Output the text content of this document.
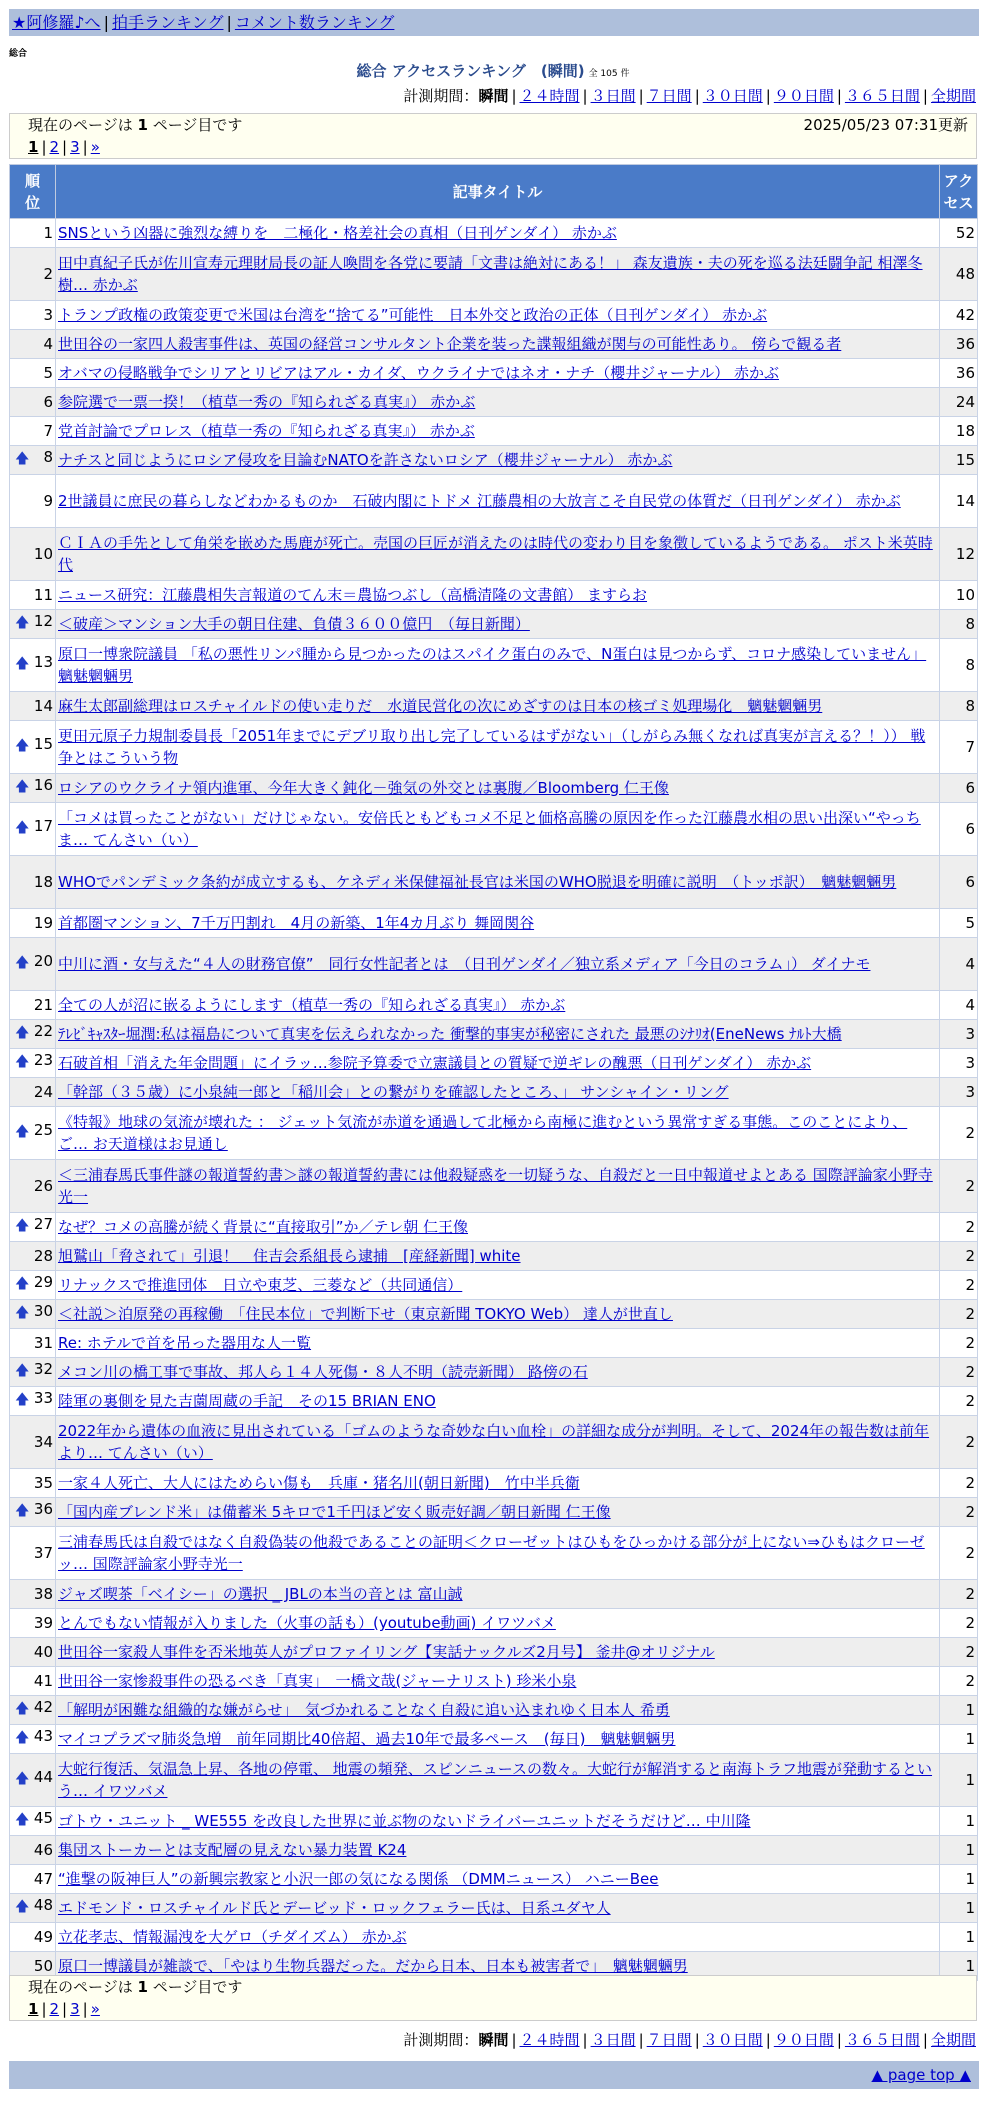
★阿修羅♪へ | 拍手ランキング | コメント数ランキング
総合
総合 アクセスランキング　(瞬間) 全 105 件
計測期間：瞬間 | ２４時間 | ３日間 | ７日間 | ３０日間 | ９０日間 | ３６５日間 | 全期間
現在のページは 1 ページ目です	2025/05/23 07:31更新
1 | 2 | 3 | »
順位	記事タイトル	アクセス
1	SNSという凶器に強烈な縛りを　二極化・格差社会の真相（日刊ゲンダイ） 赤かぶ	52
2	田中真紀子氏が佐川宣寿元理財局長の証人喚問を各党に要請「文書は絶対にある！」 森友遺族・夫の死を巡る法廷闘争記 相澤冬樹… 赤かぶ	48
3	トランプ政権の政策変更で米国は台湾を“捨てる”可能性　日本外交と政治の正体（日刊ゲンダイ） 赤かぶ	42
4	世田谷の一家四人殺害事件は、英国の経営コンサルタント企業を装った諜報組織が関与の可能性あり。 傍らで観る者	36
5	オバマの侵略戦争でシリアとリビアはアル・カイダ、ウクライナではネオ・ナチ（櫻井ジャーナル） 赤かぶ	36
6	参院選で一票一揆！（植草一秀の『知られざる真実』） 赤かぶ	24
7	党首討論でプロレス（植草一秀の『知られざる真実』） 赤かぶ	18

🡅 8	ナチスと同じようにロシア侵攻を目論むNATOを許さないロシア（櫻井ジャーナル） 赤かぶ	15
9	2世議員に庶民の暮らしなどわかるものか　石破内閣にトドメ 江藤農相の大放言こそ自民党の体質だ（日刊ゲンダイ） 赤かぶ	14
10	ＣＩＡの手先として角栄を嵌めた馬鹿が死亡。売国の巨匠が消えたのは時代の変わり目を象徴しているようである。 ポスト米英時代	12
11	ニュース研究：江藤農相失言報道のてん末＝農協つぶし（高橋清隆の文書館） ますらお	10

🡅 12	＜破産＞マンション大手の朝日住建、負債３６００億円　（毎日新聞）	8

🡅 13	原口一博衆院議員 「私の悪性リンパ腫から見つかったのはスパイク蛋白のみで、N蛋白は見つからず、コロナ感染していません」 魑魅魍魎男	8
14	麻生太郎副総理はロスチャイルドの使い走りだ　水道民営化の次にめざすのは日本の核ゴミ処理場化　魑魅魍魎男	8

🡅 15	更田元原子力規制委員長「2051年までにデブリ取り出し完了しているはずがない」（しがらみ無くなれば真実が言える？！）） 戦争とはこういう物	7

🡅 16	ロシアのウクライナ領内進軍、今年大きく鈍化－強気の外交とは裏腹／Bloomberg 仁王像	6

🡅 17	「コメは買ったことがない」だけじゃない。安倍氏ともどもコメ不足と価格高騰の原因を作った江藤農水相の思い出深い“やっちま… てんさい（い）	6
18	WHOでパンデミック条約が成立するも、ケネディ米保健福祉長官は米国のWHO脱退を明確に説明　（トッポ訳）　魑魅魍魎男	6
19	首都圏マンション、7千万円割れ　4月の新築、1年4カ月ぶり 舞岡関谷	5

🡅 20	中川に酒・女与えた“４人の財務官僚”　同行女性記者とは　（日刊ゲンダイ／独立系メディア「今日のコラム」） ダイナモ	4
21	全ての人が沼に嵌るようにします（植草一秀の『知られざる真実』） 赤かぶ	4

🡅 22	ﾃﾚﾋﾞｷｬｽﾀｰ堀潤:私は福島について真実を伝えられなかった 衝撃的事実が秘密にされた 最悪のｼﾅﾘｵ(EneNews ﾅﾙﾄ大橋	3

🡅 23	石破首相「消えた年金問題」にイラッ…参院予算委で立憲議員との質疑で逆ギレの醜悪（日刊ゲンダイ） 赤かぶ	3
24	「幹部（３５歳）に小泉純一郎と「稲川会」との繋がりを確認したところ、」 サンシャイン・リング	3

🡅 25	《特報》地球の気流が壊れた ： ジェット気流が赤道を通過して北極から南極に進むという異常すぎる事態。このことにより、ご… お天道様はお見通し	2
26	＜三浦春馬氏事件謎の報道誓約書＞謎の報道誓約書には他殺疑惑を一切疑うな、自殺だと一日中報道せよとある 国際評論家小野寺光一	2

🡅 27	なぜ？コメの高騰が続く背景に“直接取引”か／テレ朝 仁王像	2
28	旭鷲山「脅されて」引退！　住吉会系組長ら逮捕　[産経新聞] white	2

🡅 29	リナックスで推進団体　日立や東芝、三菱など（共同通信）	2

🡅 30	＜社説＞泊原発の再稼働　「住民本位」で判断下せ（東京新聞 TOKYO Web） 達人が世直し	2
31	Re: ホテルで首を吊った器用な人一覧	2

🡅 32	メコン川の橋工事で事故、邦人ら１４人死傷・８人不明（読売新聞） 路傍の石	2

🡅 33	陸軍の裏側を見た吉薗周蔵の手記　その15 BRIAN ENO	2
34	2022年から遺体の血液に見出されている「ゴムのような奇妙な白い血栓」の詳細な成分が判明。そして、2024年の報告数は前年より… てんさい（い）	2
35	一家４人死亡、大人にはためらい傷も　兵庫・猪名川(朝日新聞)　竹中半兵衛	2

🡅 36	「国内産ブレンド米」は備蓄米 5キロで1千円ほど安く販売好調／朝日新聞 仁王像	2
37	三浦春馬氏は自殺ではなく自殺偽装の他殺であることの証明＜クローゼットはひもをひっかける部分が上にない⇒ひもはクローゼッ… 国際評論家小野寺光一	2
38	ジャズ喫茶「ベイシー」の選択 _ JBLの本当の音とは 富山誠	2
39	とんでもない情報が入りました（火事の話も）(youtube動画) イワツバメ	2
40	世田谷一家殺人事件を否米地英人がプロファイリング【実話ナックルズ2月号】 釜井@オリジナル	2
41	世田谷一家惨殺事件の恐るべき「真実」　一橋文哉(ジャーナリスト) 珍米小泉	2

🡅 42	「解明が困難な組織的な嫌がらせ」　気づかれることなく自殺に追い込まれゆく日本人 希勇	1

🡅 43	マイコプラズマ肺炎急増　前年同期比40倍超、過去10年で最多ペース　(毎日)　魑魅魍魎男	1

🡅 44	大蛇行復活、気温急上昇、各地の停電、 地震の頻発、スピンニュースの数々。大蛇行が解消すると南海トラフ地震が発動するという… イワツバメ	1

🡅 45	ゴトウ・ユニット _ WE555 を改良した世界に並ぶ物のないドライバーユニットだそうだけど… 中川隆	1
46	集団ストーカーとは支配層の見えない暴力装置 K24	1
47	“進撃の阪神巨人”の新興宗教家と小沢一郎の気になる関係 （DMMニュース） ハニーBee	1

🡅 48	エドモンド・ロスチャイルド氏とデービッド・ロックフェラー氏は、日系ユダヤ人	1
49	立花孝志、情報漏洩を大ゲロ（チダイズム） 赤かぶ	1
50	原口一博議員が雑談で、「やはり生物兵器だった。だから日本、日本も被害者で」　魑魅魍魎男	1
現在のページは 1 ページ目です
1 | 2 | 3 | »
計測期間：瞬間 | ２４時間 | ３日間 | ７日間 | ３０日間 | ９０日間 | ３６５日間 | 全期間
▲ page top ▲
